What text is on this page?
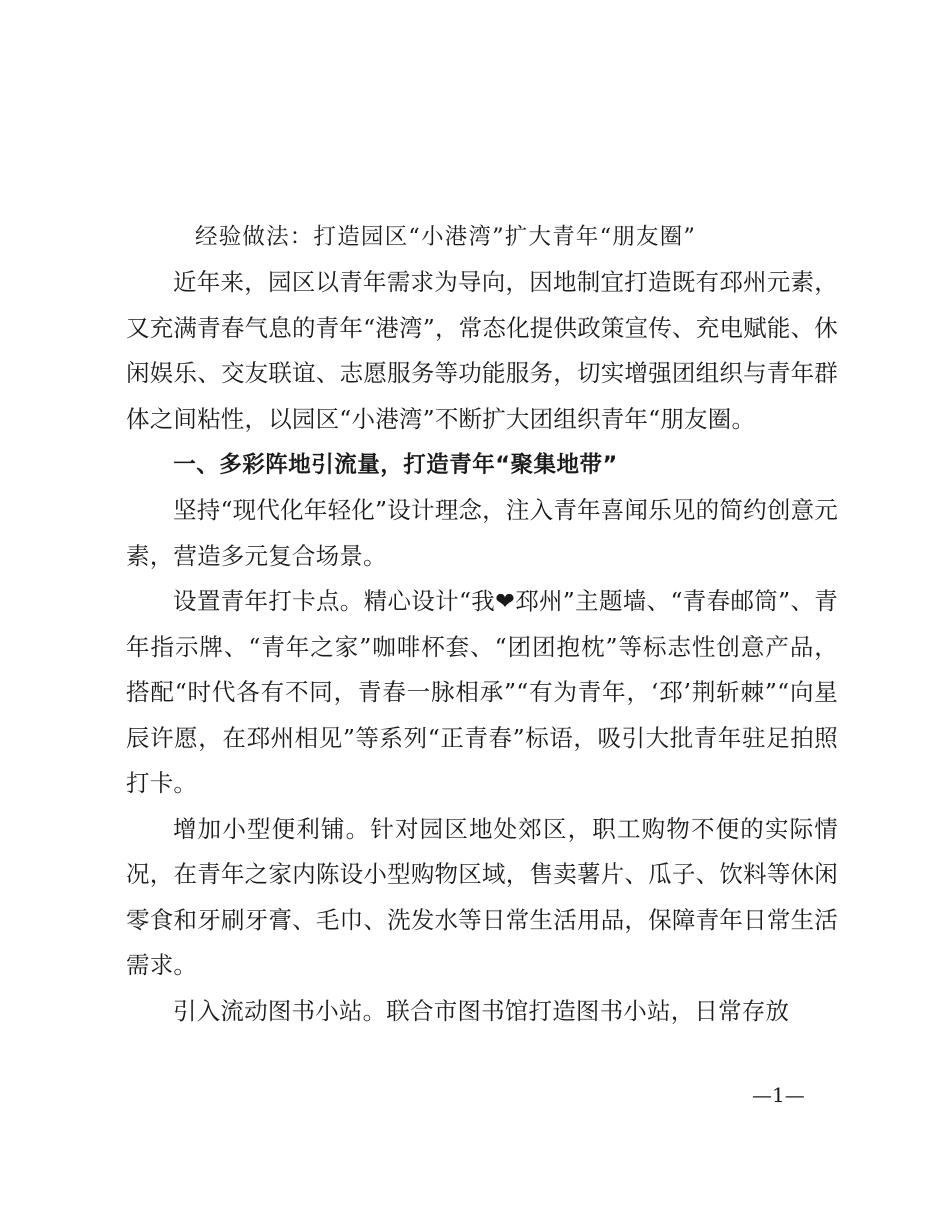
经验做法：打造园区“小港湾”扩大青年“朋友圈”

近年来，园区以青年需求为导向，因地制宜打造既有邳州元素，又充满青春气息的青年“港湾”，常态化提供政策宣传、充电赋能、休闲娱乐、交友联谊、志愿服务等功能服务，切实增强团组织与青年群体之间粘性，以园区“小港湾”不断扩大团组织青年“朋友圈。

一、多彩阵地引流量，打造青年“聚集地带”

坚持“现代化年轻化”设计理念，注入青年喜闻乐见的简约创意元素，营造多元复合场景。

设置青年打卡点。精心设计“我❤邳州”主题墙、“青春邮筒”、青年指示牌、“青年之家”咖啡杯套、“团团抱枕”等标志性创意产品，搭配“时代各有不同，青春一脉相承”“有为青年，‘邳’荆斩棘”“向星辰许愿，在邳州相见”等系列“正青春”标语，吸引大批青年驻足拍照打卡。

增加小型便利铺。针对园区地处郊区，职工购物不便的实际情况，在青年之家内陈设小型购物区域，售卖薯片、瓜子、饮料等休闲零食和牙刷牙膏、毛巾、洗发水等日常生活用品，保障青年日常生活需求。

引入流动图书小站。联合市图书馆打造图书小站，日常存放

—1—
